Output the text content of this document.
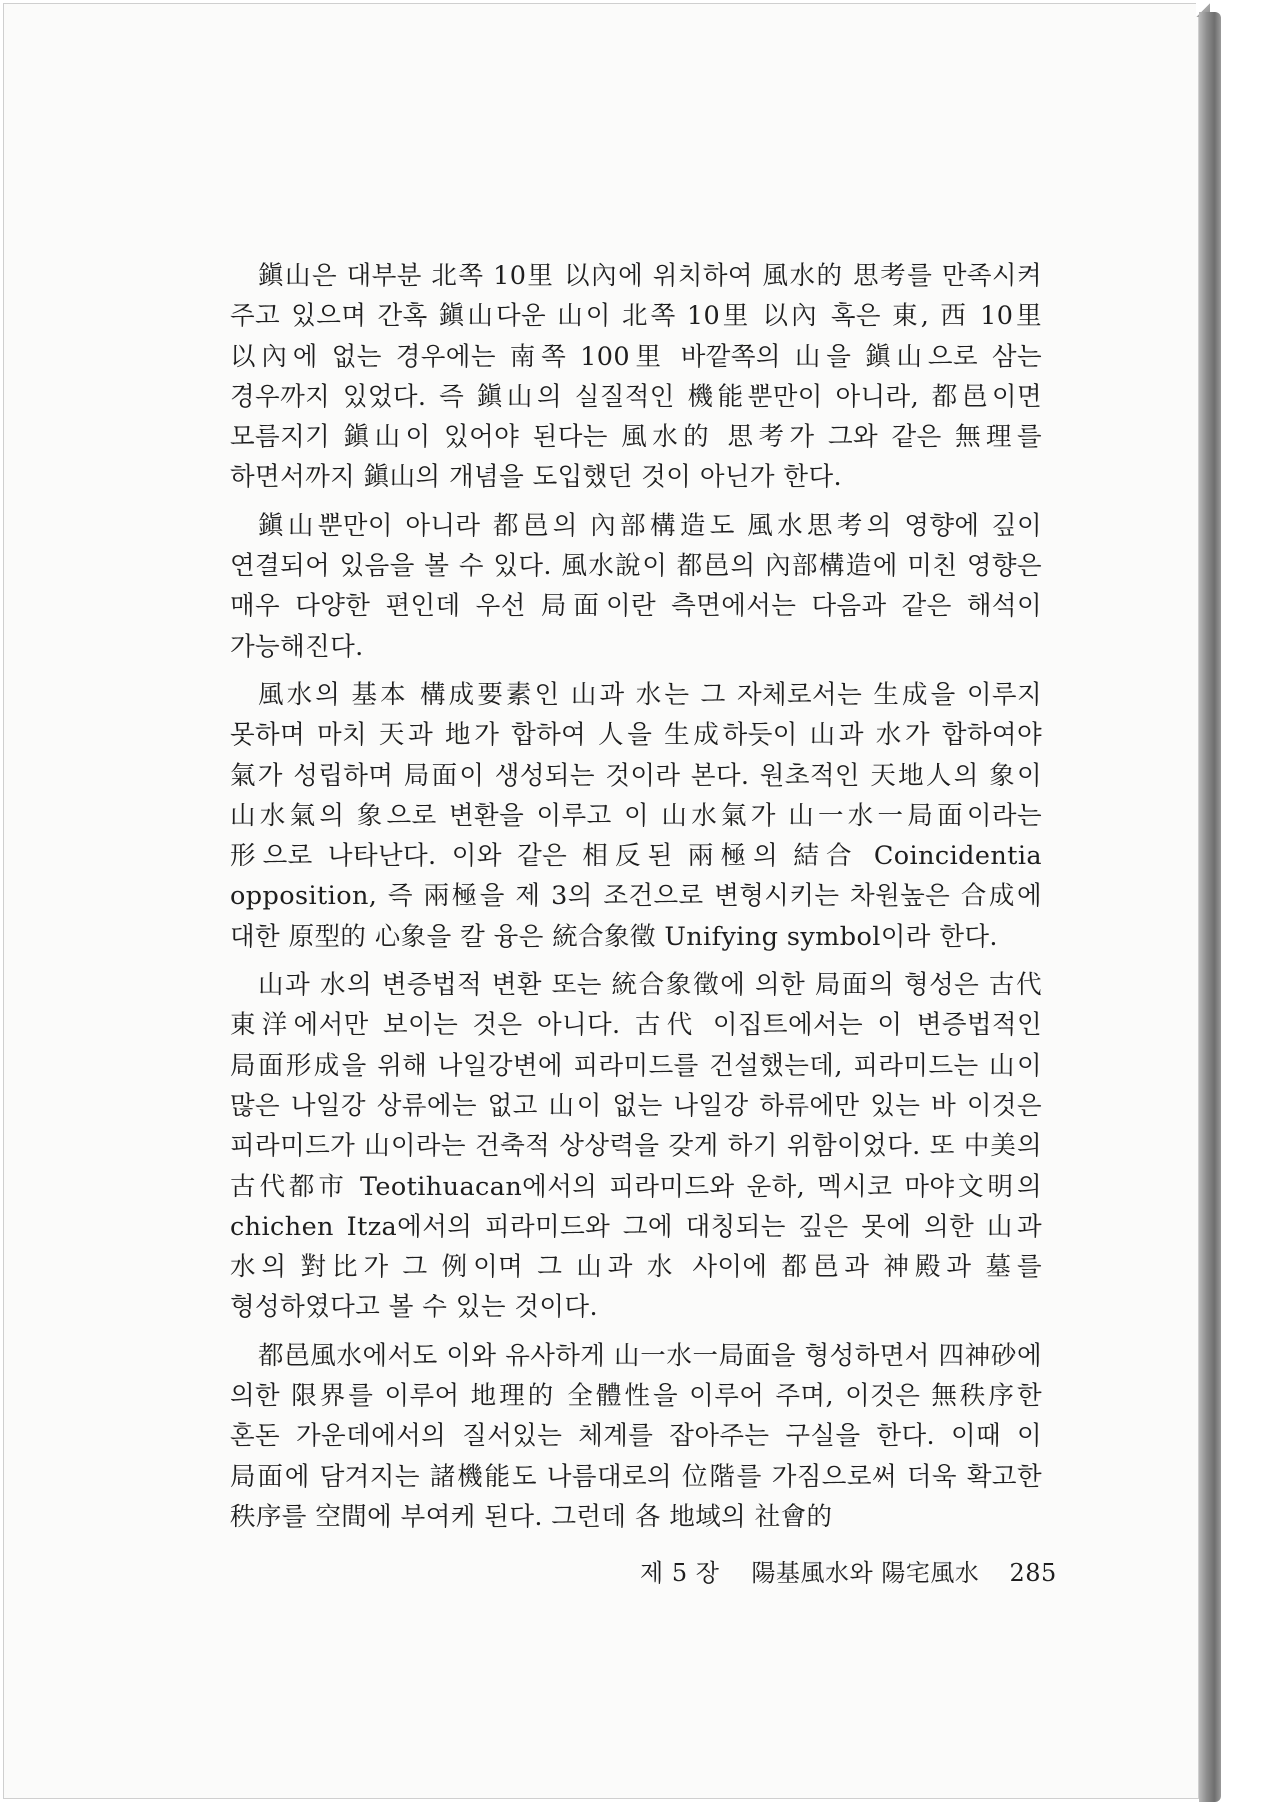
鎭山은 대부분 北쪽 10里 以內에 위치하여 風水的 思考를 만족시켜 주고 있으며 간혹 鎭山다운 山이 北쪽 10里 以內 혹은 東, 西 10里 以內에 없는 경우에는 南쪽 100里 바깥쪽의 山을 鎭山으로 삼는 경우까지 있었다. 즉 鎭山의 실질적인 機能뿐만이 아니라, 都邑이면 모름지기 鎭山이 있어야 된다는 風水的 思考가 그와 같은 無理를 하면서까지 鎭山의 개념을 도입했던 것이 아닌가 한다.

鎭山뿐만이 아니라 都邑의 內部構造도 風水思考의 영향에 깊이 연결되어 있음을 볼 수 있다. 風水說이 都邑의 內部構造에 미친 영향은 매우 다양한 편인데 우선 局面이란 측면에서는 다음과 같은 해석이 가능해진다.

風水의 基本 構成要素인 山과 水는 그 자체로서는 生成을 이루지 못하며 마치 天과 地가 합하여 人을 生成하듯이 山과 水가 합하여야 氣가 성립하며 局面이 생성되는 것이라 본다. 원초적인 天地人의 象이 山水氣의 象으로 변환을 이루고 이 山水氣가 山一水一局面이라는 形으로 나타난다. 이와 같은 相反된 兩極의 結合 Coincidentia opposition, 즉 兩極을 제 3의 조건으로 변형시키는 차원높은 合成에 대한 原型的 心象을 칼 융은 統合象徵 Unifying symbol이라 한다.

山과 水의 변증법적 변환 또는 統合象徵에 의한 局面의 형성은 古代 東洋에서만 보이는 것은 아니다. 古代 이집트에서는 이 변증법적인 局面形成을 위해 나일강변에 피라미드를 건설했는데, 피라미드는 山이 많은 나일강 상류에는 없고 山이 없는 나일강 하류에만 있는 바 이것은 피라미드가 山이라는 건축적 상상력을 갖게 하기 위함이었다. 또 中美의 古代都市 Teotihuacan에서의 피라미드와 운하, 멕시코 마야文明의 chichen Itza에서의 피라미드와 그에 대칭되는 깊은 못에 의한 山과 水의 對比가 그 例이며 그 山과 水 사이에 都邑과 神殿과 墓를 형성하였다고 볼 수 있는 것이다.

都邑風水에서도 이와 유사하게 山一水一局面을 형성하면서 四神砂에 의한 限界를 이루어 地理的 全體性을 이루어 주며, 이것은 無秩序한 혼돈 가운데에서의 질서있는 체계를 잡아주는 구실을 한다. 이때 이 局面에 담겨지는 諸機能도 나름대로의 位階를 가짐으로써 더욱 확고한 秩序를 空間에 부여케 된다. 그런데 各 地域의 社會的

제 5 장 陽基風水와 陽宅風水 285
